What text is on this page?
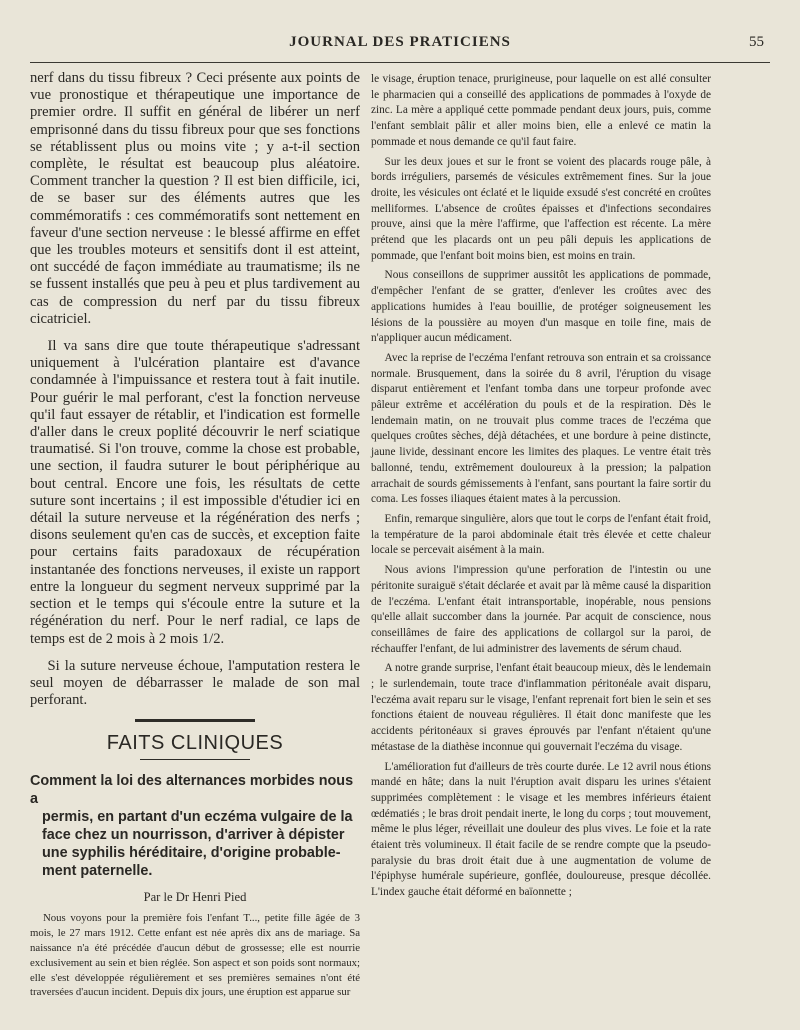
JOURNAL DES PRATICIENS	55

nerf dans du tissu fibreux ? Ceci présente aux points de vue pronostique et thérapeutique une importance de premier ordre. Il suffit en général de libérer un nerf emprisonné dans du tissu fibreux pour que ses fonctions se rétablissent plus ou moins vite ; y a-t-il section complète, le résultat est beaucoup plus aléatoire. Comment trancher la question ? Il est bien difficile, ici, de se baser sur des éléments autres que les commémoratifs : ces commémoratifs sont nettement en faveur d'une section nerveuse : le blessé affirme en effet que les troubles moteurs et sensitifs dont il est atteint, ont succédé de façon immédiate au traumatisme; ils ne se fussent installés que peu à peu et plus tardivement au cas de compression du nerf par du tissu fibreux cicatriciel.

Il va sans dire que toute thérapeutique s'adressant uniquement à l'ulcération plantaire est d'avance condamnée à l'impuissance et restera tout à fait inutile. Pour guérir le mal perforant, c'est la fonction nerveuse qu'il faut essayer de rétablir, et l'indication est formelle d'aller dans le creux poplité découvrir le nerf sciatique traumatisé. Si l'on trouve, comme la chose est probable, une section, il faudra suturer le bout périphérique au bout central. Encore une fois, les résultats de cette suture sont incertains ; il est impossible d'étudier ici en détail la suture nerveuse et la régénération des nerfs ; disons seulement qu'en cas de succès, et exception faite pour certains faits paradoxaux de récupération instantanée des fonctions nerveuses, il existe un rapport entre la longueur du segment nerveux supprimé par la section et le temps qui s'écoule entre la suture et la régénération du nerf. Pour le nerf radial, ce laps de temps est de 2 mois à 2 mois 1/2.

Si la suture nerveuse échoue, l'amputation restera le seul moyen de débarrasser le malade de son mal perforant.

FAITS CLINIQUES
Comment la loi des alternances morbides nous a
permis, en partant d'un eczéma vulgaire de la
face chez un nourrisson, d'arriver à dépister
une syphilis héréditaire, d'origine probable-
ment paternelle.
Par le Dr Henri Pied

Nous voyons pour la première fois l'enfant T..., petite fille âgée de 3 mois, le 27 mars 1912. Cette enfant est née après dix ans de mariage. Sa naissance n'a été précédée d'aucun début de grossesse; elle est nourrie exclusivement au sein et bien réglée. Son aspect et son poids sont normaux; elle s'est développée régulièrement et ses premières semaines n'ont été traversées d'aucun incident. Depuis dix jours, une éruption est apparue sur

le visage, éruption tenace, prurigineuse, pour laquelle on est allé consulter le pharmacien qui a conseillé des applications de pommades à l'oxyde de zinc. La mère a appliqué cette pommade pendant deux jours, puis, comme l'enfant semblait pâlir et aller moins bien, elle a enlevé ce matin la pommade et nous demande ce qu'il faut faire.

Sur les deux joues et sur le front se voient des placards rouge pâle, à bords irréguliers, parsemés de vésicules extrêmement fines. Sur la joue droite, les vésicules ont éclaté et le liquide exsudé s'est concrété en croûtes melliformes. L'absence de croûtes épaisses et d'infections secondaires prouve, ainsi que la mère l'affirme, que l'affection est récente. La mère prétend que les placards ont un peu pâli depuis les applications de pommade, que l'enfant boit moins bien, est moins en train.

Nous conseillons de supprimer aussitôt les applications de pommade, d'empêcher l'enfant de se gratter, d'enlever les croûtes avec des applications humides à l'eau bouillie, de protéger soigneusement les lésions de la poussière au moyen d'un masque en toile fine, mais de n'appliquer aucun médicament.

Avec la reprise de l'eczéma l'enfant retrouva son entrain et sa croissance normale. Brusquement, dans la soirée du 8 avril, l'éruption du visage disparut entièrement et l'enfant tomba dans une torpeur profonde avec pâleur extrême et accélération du pouls et de la respiration. Dès le lendemain matin, on ne trouvait plus comme traces de l'eczéma que quelques croûtes sèches, déjà détachées, et une bordure à peine distincte, jaune livide, dessinant encore les limites des plaques. Le ventre était très ballonné, tendu, extrêmement douloureux à la pression; la palpation arrachait de sourds gémissements à l'enfant, sans pourtant la faire sortir du coma. Les fosses iliaques étaient mates à la percussion.

Enfin, remarque singulière, alors que tout le corps de l'enfant était froid, la température de la paroi abdominale était très élevée et cette chaleur locale se percevait aisément à la main.

Nous avions l'impression qu'une perforation de l'intestin ou une péritonite suraiguë s'était déclarée et avait par là même causé la disparition de l'eczéma. L'enfant était intransportable, inopérable, nous pensions qu'elle allait succomber dans la journée. Par acquit de conscience, nous conseillâmes de faire des applications de collargol sur la paroi, de réchauffer l'enfant, de lui administrer des lavements de sérum chaud.

A notre grande surprise, l'enfant était beaucoup mieux, dès le lendemain ; le surlendemain, toute trace d'inflammation péritonéale avait disparu, l'eczéma avait reparu sur le visage, l'enfant reprenait fort bien le sein et ses fonctions étaient de nouveau régulières. Il était donc manifeste que les accidents péritonéaux si graves éprouvés par l'enfant n'étaient qu'une métastase de la diathèse inconnue qui gouvernait l'eczéma du visage.

L'amélioration fut d'ailleurs de très courte durée. Le 12 avril nous étions mandé en hâte; dans la nuit l'éruption avait disparu les urines s'étaient supprimées complètement : le visage et les membres inférieurs étaient œdématiés ; le bras droit pendait inerte, le long du corps ; tout mouvement, même le plus léger, réveillait une douleur des plus vives. Le foie et la rate étaient très volumineux. Il était facile de se rendre compte que la pseudo-paralysie du bras droit était due à une augmentation de volume de l'épiphyse humérale supérieure, gonflée, douloureuse, presque décollée. L'index gauche était déformé en baïonnette ;
